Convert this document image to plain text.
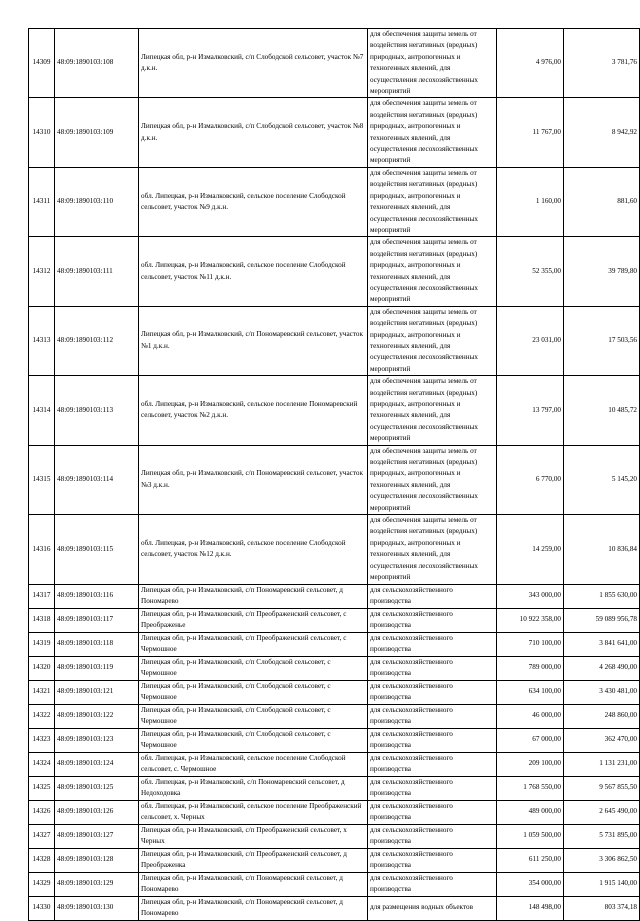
14309	48:09:1890103:108	Липецкая обл, р-н Измалковский, с/п Слободской сельсовет, участок №7 д.к.н.	для обеспечения защиты земель от воздействия негативных (вредных) природных, антропогенных и техногенных явлений, для осуществления лесохозяйственных мероприятий	4 976,00	3 781,76
14310	48:09:1890103:109	Липецкая обл, р-н Измалковский, с/п Слободской сельсовет, участок №8 д.к.н.	для обеспечения защиты земель от воздействия негативных (вредных) природных, антропогенных и техногенных явлений, для осуществления лесохозяйственных мероприятий	11 767,00	8 942,92
14311	48:09:1890103:110	обл. Липецкая, р-н Измалковский, сельское поселение Слободской сельсовет, участок №9 д.к.н.	для обеспечения защиты земель от воздействия негативных (вредных) природных, антропогенных и техногенных явлений, для осуществления лесохозяйственных мероприятий	1 160,00	881,60
14312	48:09:1890103:111	обл. Липецкая, р-н Измалковский, сельское поселение Слободской сельсовет, участок №11 д.к.н.	для обеспечения защиты земель от воздействия негативных (вредных) природных, антропогенных и техногенных явлений, для осуществления лесохозяйственных мероприятий	52 355,00	39 789,80
14313	48:09:1890103:112	Липецкая обл, р-н Измалковский, с/п Пономаревский сельсовет, участок №1 д.к.н.	для обеспечения защиты земель от воздействия негативных (вредных) природных, антропогенных и техногенных явлений, для осуществления лесохозяйственных мероприятий	23 031,00	17 503,56
14314	48:09:1890103:113	обл. Липецкая, р-н Измалковский, сельское поселение Пономаревский сельсовет, участок №2 д.к.н.	для обеспечения защиты земель от воздействия негативных (вредных) природных, антропогенных и техногенных явлений, для осуществления лесохозяйственных мероприятий	13 797,00	10 485,72
14315	48:09:1890103:114	Липецкая обл, р-н Измалковский, с/п Пономаревский сельсовет, участок №3 д.к.н.	для обеспечения защиты земель от воздействия негативных (вредных) природных, антропогенных и техногенных явлений, для осуществления лесохозяйственных мероприятий	6 770,00	5 145,20
14316	48:09:1890103:115	обл. Липецкая, р-н Измалковский, сельское поселение Слободской сельсовет, участок №12 д.к.н.	для обеспечения защиты земель от воздействия негативных (вредных) природных, антропогенных и техногенных явлений, для осуществления лесохозяйственных мероприятий	14 259,00	10 836,84
14317	48:09:1890103:116	Липецкая обл, р-н Измалковский, с/п Пономаревский сельсовет, д Пономарево	для сельскохозяйственного производства	343 000,00	1 855 630,00
14318	48:09:1890103:117	Липецкая обл, р-н Измалковский, с/п Преображенский сельсовет, с Преображенье	для сельскохозяйственного производства	10 922 358,00	59 089 956,78
14319	48:09:1890103:118	Липецкая обл, р-н Измалковский, с/п Преображенский сельсовет, с Чермошное	для сельскохозяйственного производства	710 100,00	3 841 641,00
14320	48:09:1890103:119	Липецкая обл, р-н Измалковский, с/п Слободской сельсовет, с Чермошное	для сельскохозяйственного производства	789 000,00	4 268 490,00
14321	48:09:1890103:121	Липецкая обл, р-н Измалковский, с/п Слободской сельсовет, с Чермошное	для сельскохозяйственного производства	634 100,00	3 430 481,00
14322	48:09:1890103:122	Липецкая обл, р-н Измалковский, с/п Слободской сельсовет, с Чермошное	для сельскохозяйственного производства	46 000,00	248 860,00
14323	48:09:1890103:123	Липецкая обл, р-н Измалковский, с/п Слободской сельсовет, с Чермошное	для сельскохозяйственного производства	67 000,00	362 470,00
14324	48:09:1890103:124	обл. Липецкая, р-н Измалковский, сельское поселение Слободской сельсовет, с. Чермошное	для сельскохозяйственного производства	209 100,00	1 131 231,00
14325	48:09:1890103:125	обл. Липецкая, р-н Измалковский, с/п Пономаревский сельсовет, д Недоходовка	для сельскохозяйственного производства	1 768 550,00	9 567 855,50
14326	48:09:1890103:126	обл. Липецкая, р-н Измалковский, сельское поселение Преображенский сельсовет, х. Черных	для сельскохозяйственного производства	489 000,00	2 645 490,00
14327	48:09:1890103:127	Липецкая обл, р-н Измалковский, с/п Преображенский сельсовет, х Черных	для сельскохозяйственного производства	1 059 500,00	5 731 895,00
14328	48:09:1890103:128	Липецкая обл, р-н Измалковский, с/п Преображенский сельсовет, д Преображенка	для сельскохозяйственного производства	611 250,00	3 306 862,50
14329	48:09:1890103:129	Липецкая обл, р-н Измалковский, с/п Пономаревский сельсовет, д Пономарево	для сельскохозяйственного производства	354 000,00	1 915 140,00
14330	48:09:1890103:130	Липецкая обл, р-н Измалковский, с/п Пономаревский сельсовет, д Пономарево	для размещения водных объектов	148 498,00	803 374,18
